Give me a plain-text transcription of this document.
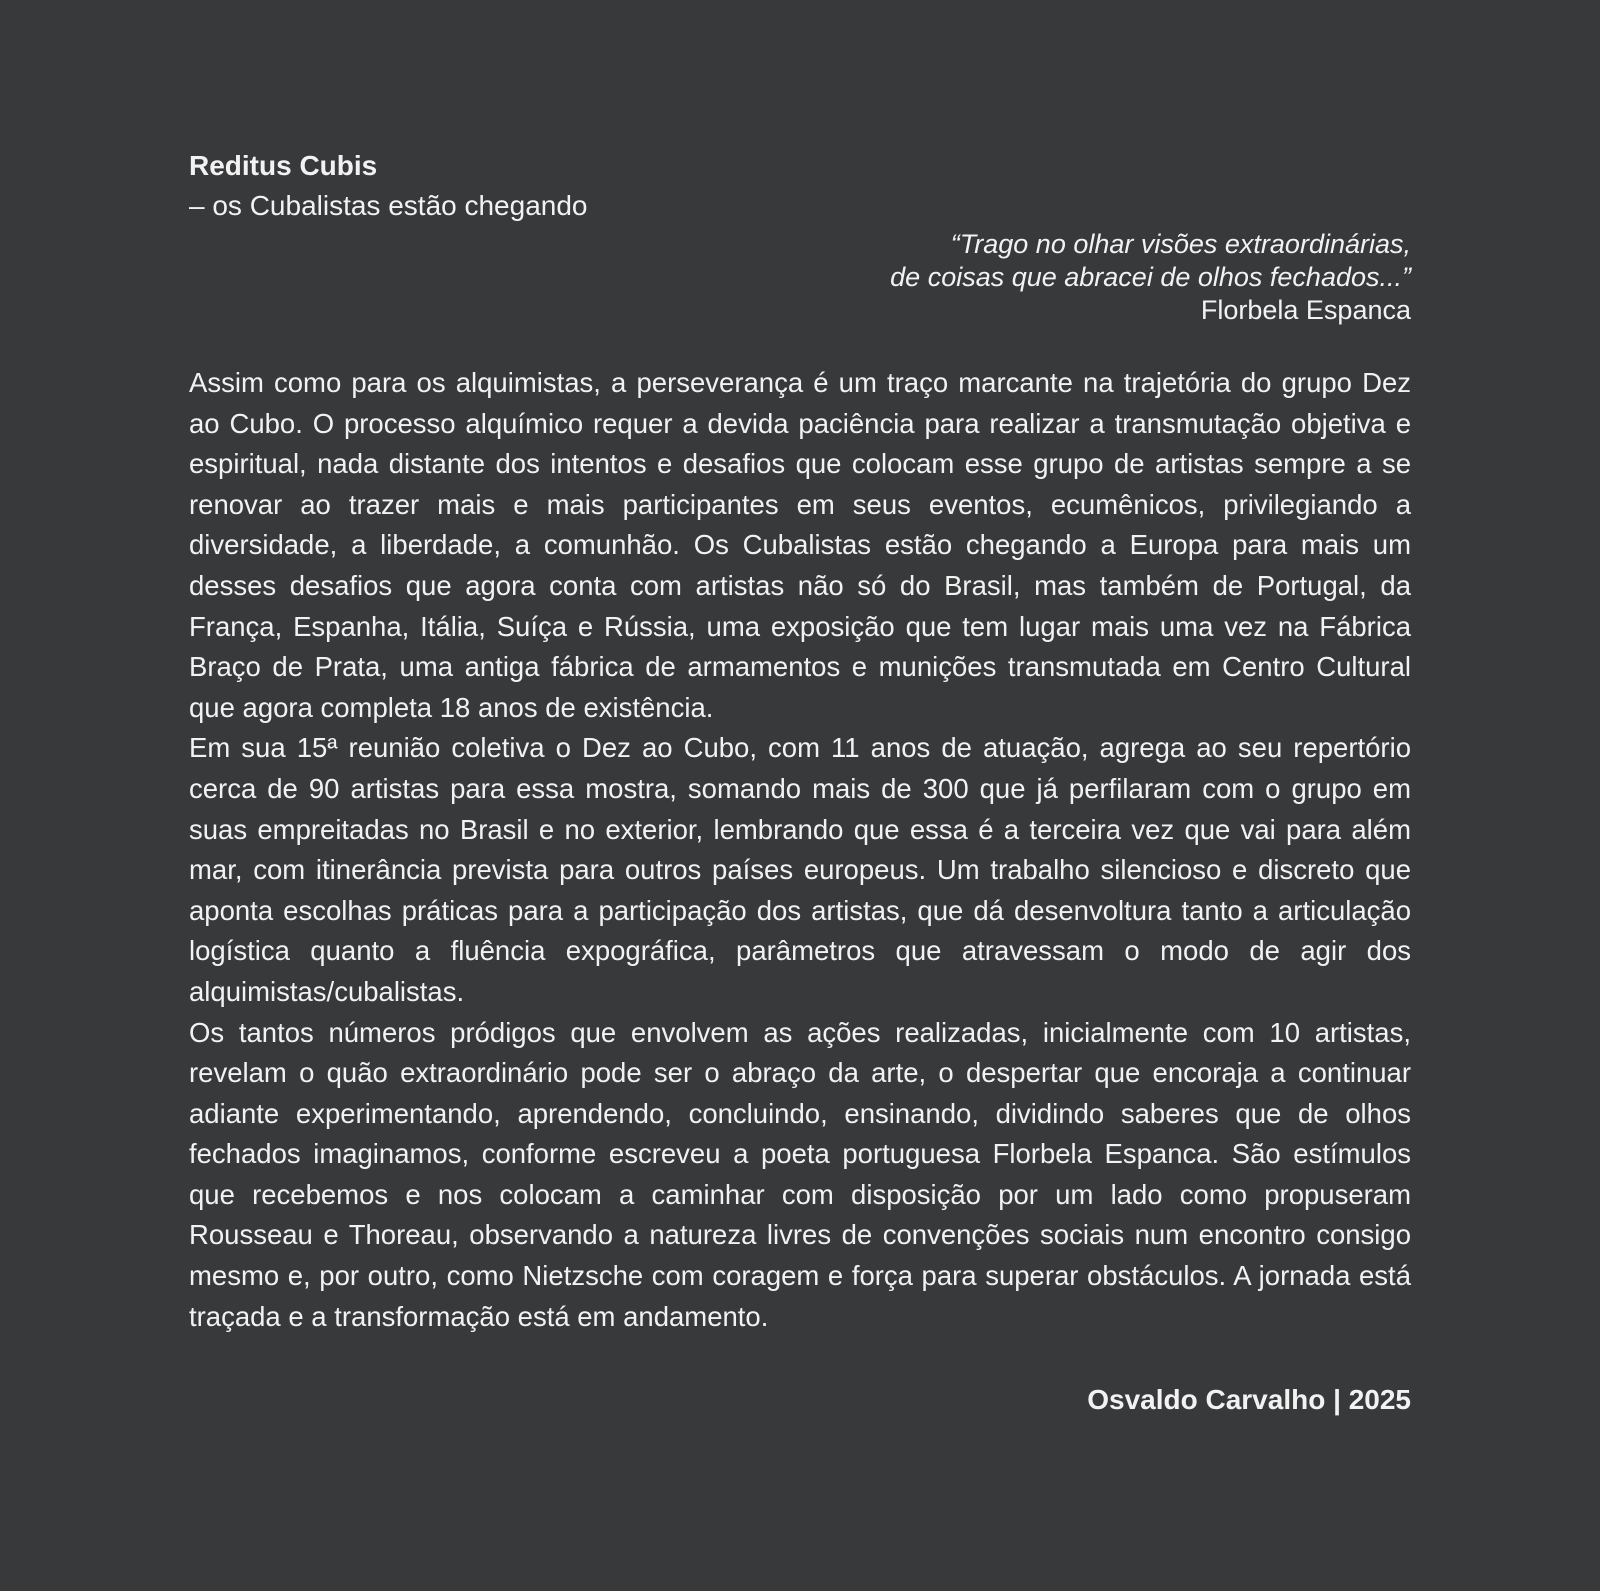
Reditus Cubis

– os Cubalistas estão chegando

“Trago no olhar visões extraordinárias,
de coisas que abracei de olhos fechados...”
Florbela Espanca

Assim como para os alquimistas, a perseverança é um traço marcante na trajetória do grupo Dez ao Cubo. O processo alquímico requer a devida paciência para realizar a transmutação objetiva e espiritual, nada distante dos intentos e desafios que colocam esse grupo de artistas sempre a se renovar ao trazer mais e mais participantes em seus eventos, ecumênicos, privilegiando a diversidade, a liberdade, a comunhão. Os Cubalistas estão chegando a Europa para mais um desses desafios que agora conta com artistas não só do Brasil, mas também de Portugal, da França, Espanha, Itália, Suíça e Rússia, uma exposição que tem lugar mais uma vez na Fábrica Braço de Prata, uma antiga fábrica de armamentos e munições transmutada em Centro Cultural que agora completa 18 anos de existência.

Em sua 15ª reunião coletiva o Dez ao Cubo, com 11 anos de atuação, agrega ao seu repertório cerca de 90 artistas para essa mostra, somando mais de 300 que já perfilaram com o grupo em suas empreitadas no Brasil e no exterior, lembrando que essa é a terceira vez que vai para além mar, com itinerância prevista para outros países europeus. Um trabalho silencioso e discreto que aponta escolhas práticas para a participação dos artistas, que dá desenvoltura tanto a articulação logística quanto a fluência expográfica, parâmetros que atravessam o modo de agir dos alquimistas/cubalistas.

Os tantos números pródigos que envolvem as ações realizadas, inicialmente com 10 artistas, revelam o quão extraordinário pode ser o abraço da arte, o despertar que encoraja a continuar adiante experimentando, aprendendo, concluindo, ensinando, dividindo saberes que de olhos fechados imaginamos, conforme escreveu a poeta portuguesa Florbela Espanca. São estímulos que recebemos e nos colocam a caminhar com disposição por um lado como propuseram Rousseau e Thoreau, observando a natureza livres de convenções sociais num encontro consigo mesmo e, por outro, como Nietzsche com coragem e força para superar obstáculos. A jornada está traçada e a transformação está em andamento.

Osvaldo Carvalho | 2025
